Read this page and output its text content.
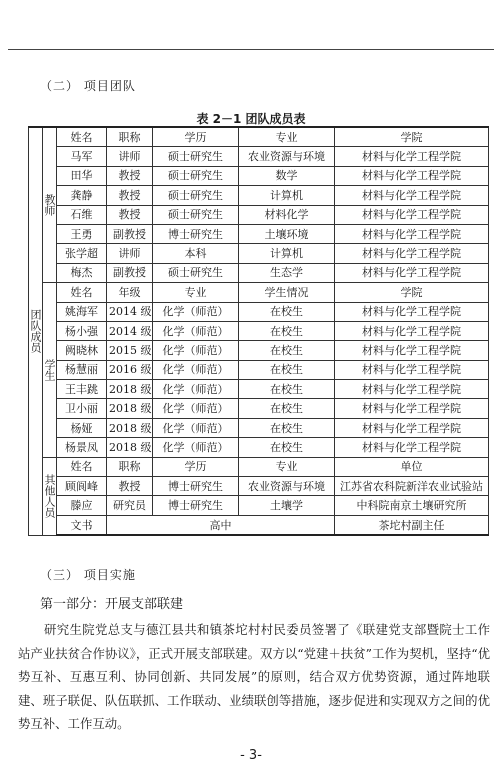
（二） 项目团队
表 2－1 团队成员表
团队成员	教师	姓名	职称	学历	专业	学院
		马军	讲师	硕士研究生	农业资源与环境	材料与化学工程学院
		田华	教授	硕士研究生	数学	材料与化学工程学院
		龚静	教授	硕士研究生	计算机	材料与化学工程学院
		石维	教授	硕士研究生	材料化学	材料与化学工程学院
		王勇	副教授	博士研究生	土壤环境	材料与化学工程学院
		张学超	讲师	本科	计算机	材料与化学工程学院
		梅杰	副教授	硕士研究生	生态学	材料与化学工程学院
	学生	姓名	年级	专业	学生情况	学院
		姚海军	2014 级	化学（师范）	在校生	材料与化学工程学院
		杨小强	2014 级	化学（师范）	在校生	材料与化学工程学院
		阙晓林	2015 级	化学（师范）	在校生	材料与化学工程学院
		杨慧丽	2016 级	化学（师范）	在校生	材料与化学工程学院
		王丰跳	2018 级	化学（师范）	在校生	材料与化学工程学院
		卫小丽	2018 级	化学（师范）	在校生	材料与化学工程学院
		杨娅	2018 级	化学（师范）	在校生	材料与化学工程学院
		杨景凤	2018 级	化学（师范）	在校生	材料与化学工程学院
	其他人员	姓名	职称	学历	专业	单位
		顾阆峰	教授	博士研究生	农业资源与环境	江苏省农科院新洋农业试验站
		滕应	研究员	博士研究生	土壤学	中科院南京土壤研究所
		文书	高中			茶坨村副主任
（三） 项目实施
第一部分：开展支部联建

研究生院党总支与德江县共和镇茶坨村村民委员签署了《联建党支部暨院士工作站产业扶贫合作协议》，正式开展支部联建。双方以“党建＋扶贫”工作为契机，坚持“优势互补、互惠互利、协同创新、共同发展”的原则，结合双方优势资源，通过阵地联建、班子联促、队伍联抓、工作联动、业绩联创等措施，逐步促进和实现双方之间的优势互补、工作互动。

- 3-
